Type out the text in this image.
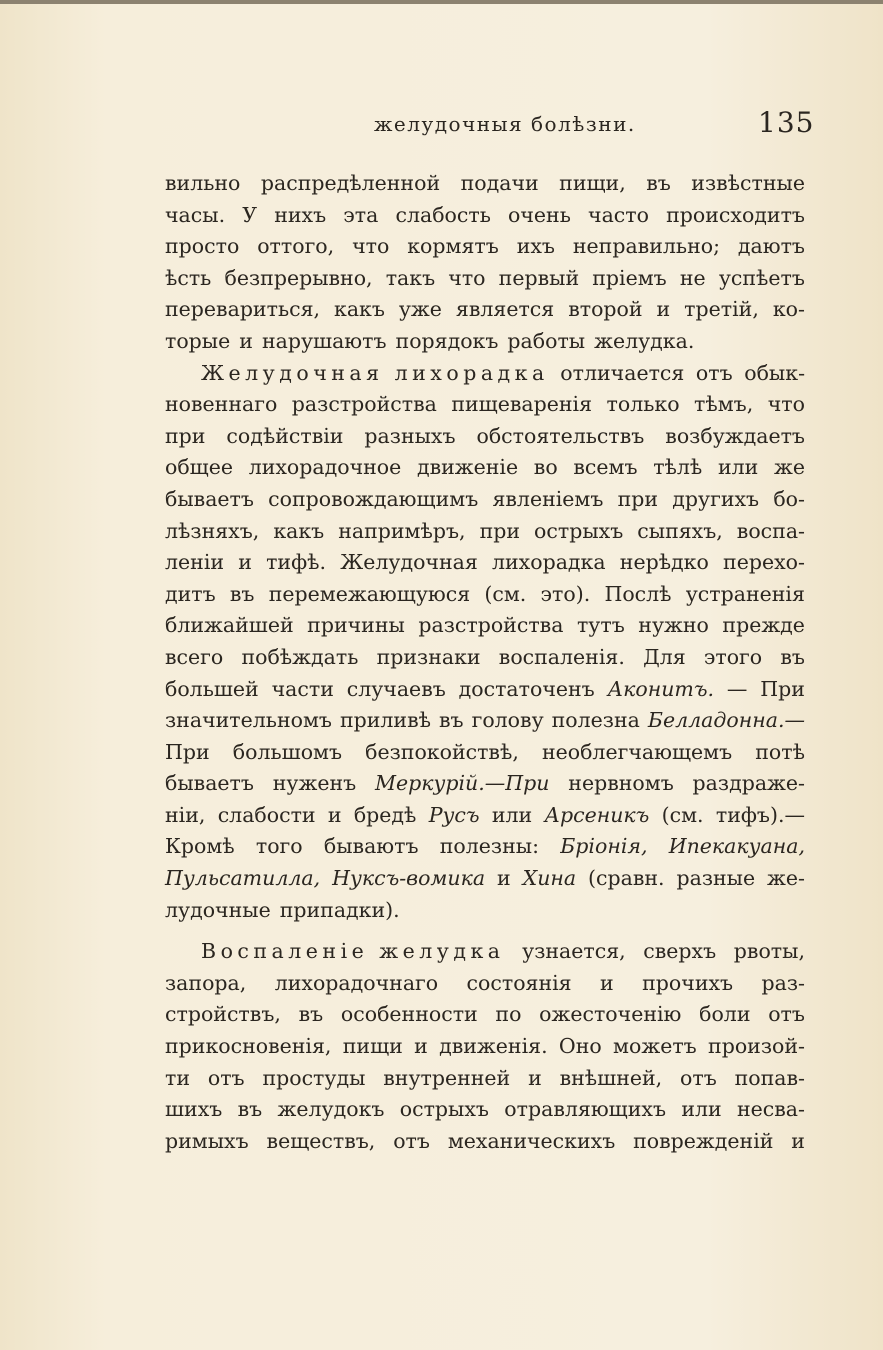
желудочныя болѣзни.	135
вильно распредѣленной подачи пищи, въ извѣстные
часы. У нихъ эта слабость очень часто происходитъ
просто оттого, что кормятъ ихъ неправильно; даютъ
ѣсть безпрерывно, такъ что первый пріемъ не успѣетъ
перевариться, какъ уже является второй и третій, ко-
торые и нарушаютъ порядокъ работы желудка.
Желудочная лихорадка отличается отъ обык-
новеннаго разстройства пищеваренія только тѣмъ, что
при содѣйствіи разныхъ обстоятельствъ возбуждаетъ
общее лихорадочное движеніе во всемъ тѣлѣ или же
бываетъ сопровождающимъ явленіемъ при другихъ бо-
лѣзняхъ, какъ напримѣръ, при острыхъ сыпяхъ, воспа-
леніи и тифѣ. Желудочная лихорадка нерѣдко перехо-
дитъ въ перемежающуюся (см. это). Послѣ устраненія
ближайшей причины разстройства тутъ нужно прежде
всего побѣждать признаки воспаленія. Для этого въ
большей части случаевъ достаточенъ Аконитъ. — При
значительномъ приливѣ въ голову полезна Белладонна.—
При большомъ безпокойствѣ, необлегчающемъ потѣ
бываетъ нуженъ Меркурій.—При нервномъ раздраже-
ніи, слабости и бредѣ Русъ или Арсеникъ (см. тифъ).—
Кромѣ того бываютъ полезны: Бріонія, Ипекакуана,
Пульсатилла, Нуксъ-вомика и Хина (сравн. разные же-
лудочные припадки).
Воспаленіе желудка узнается, сверхъ рвоты,
запора, лихорадочнаго состоянія и прочихъ раз-
стройствъ, въ особенности по ожесточенію боли отъ
прикосновенія, пищи и движенія. Оно можетъ произой-
ти отъ простуды внутренней и внѣшней, отъ попав-
шихъ въ желудокъ острыхъ отравляющихъ или несва-
римыхъ веществъ, отъ механическихъ поврежденій и
